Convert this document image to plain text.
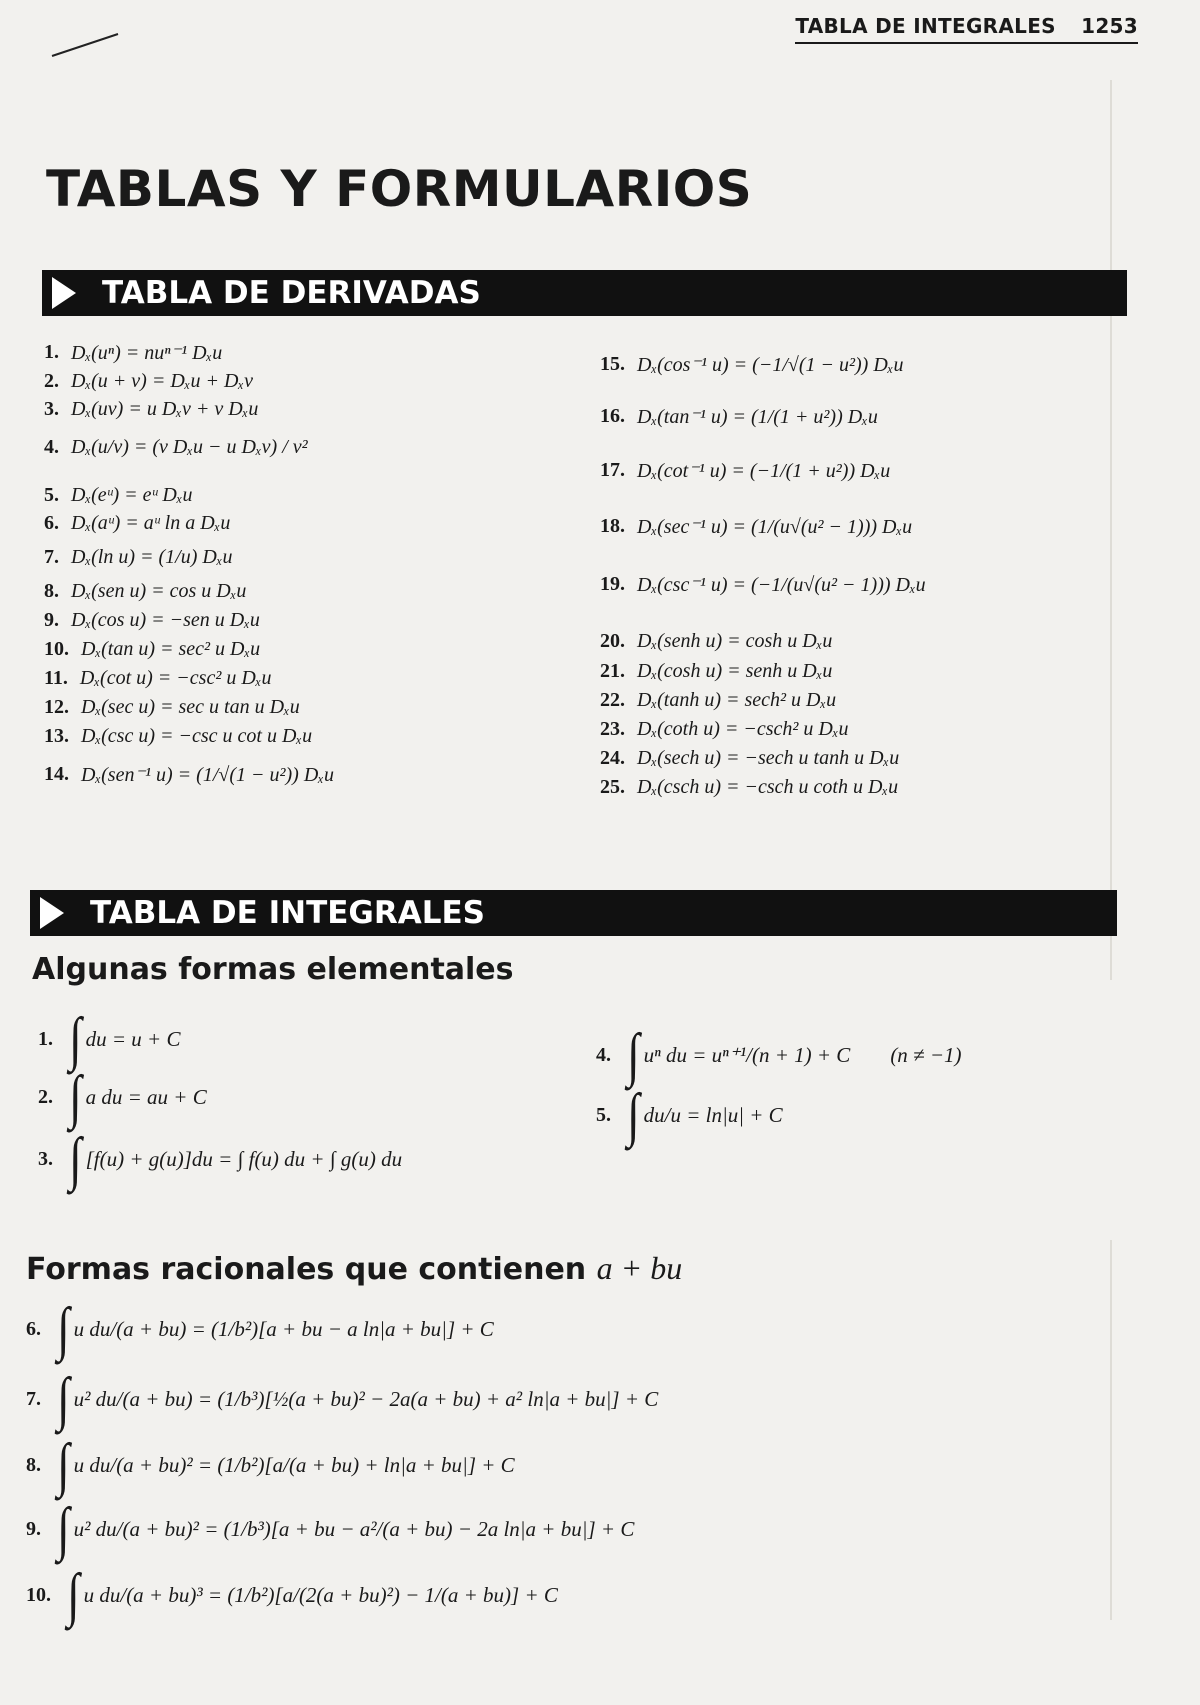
TABLA DE INTEGRALES 1253
TABLAS Y FORMULARIOS
TABLA DE DERIVADAS
1. Dₓ(uⁿ) = nuⁿ⁻¹ Dₓu
2. Dₓ(u + v) = Dₓu + Dₓv
3. Dₓ(uv) = u Dₓv + v Dₓu
4. Dₓ(u/v) = (v Dₓu − u Dₓv) / v²
5. Dₓ(eᵘ) = eᵘ Dₓu
6. Dₓ(aᵘ) = aᵘ ln a Dₓu
7. Dₓ(ln u) = (1/u) Dₓu
8. Dₓ(sen u) = cos u Dₓu
9. Dₓ(cos u) = −sen u Dₓu
10. Dₓ(tan u) = sec² u Dₓu
11. Dₓ(cot u) = −csc² u Dₓu
12. Dₓ(sec u) = sec u tan u Dₓu
13. Dₓ(csc u) = −csc u cot u Dₓu
14. Dₓ(sen⁻¹ u) = (1/√(1 − u²)) Dₓu
15. Dₓ(cos⁻¹ u) = (−1/√(1 − u²)) Dₓu
16. Dₓ(tan⁻¹ u) = (1/(1 + u²)) Dₓu
17. Dₓ(cot⁻¹ u) = (−1/(1 + u²)) Dₓu
18. Dₓ(sec⁻¹ u) = (1/(u√(u² − 1))) Dₓu
19. Dₓ(csc⁻¹ u) = (−1/(u√(u² − 1))) Dₓu
20. Dₓ(senh u) = cosh u Dₓu
21. Dₓ(cosh u) = senh u Dₓu
22. Dₓ(tanh u) = sech² u Dₓu
23. Dₓ(coth u) = −csch² u Dₓu
24. Dₓ(sech u) = −sech u tanh u Dₓu
25. Dₓ(csch u) = −csch u coth u Dₓu
TABLA DE INTEGRALES
Algunas formas elementales
1. ∫ du = u + C
2. ∫ a du = au + C
3. ∫ [f(u) + g(u)]du = ∫ f(u) du + ∫ g(u) du
4. ∫ uⁿ du = uⁿ⁺¹/(n + 1) + C (n ≠ −1)
5. ∫ du/u = ln|u| + C
Formas racionales que contienen a + bu
6. ∫ u du/(a + bu) = (1/b²)[a + bu − a ln|a + bu|] + C
7. ∫ u² du/(a + bu) = (1/b³)[½(a + bu)² − 2a(a + bu) + a² ln|a + bu|] + C
8. ∫ u du/(a + bu)² = (1/b²)[a/(a + bu) + ln|a + bu|] + C
9. ∫ u² du/(a + bu)² = (1/b³)[a + bu − a²/(a + bu) − 2a ln|a + bu|] + C
10. ∫ u du/(a + bu)³ = (1/b²)[a/(2(a + bu)²) − 1/(a + bu)] + C
